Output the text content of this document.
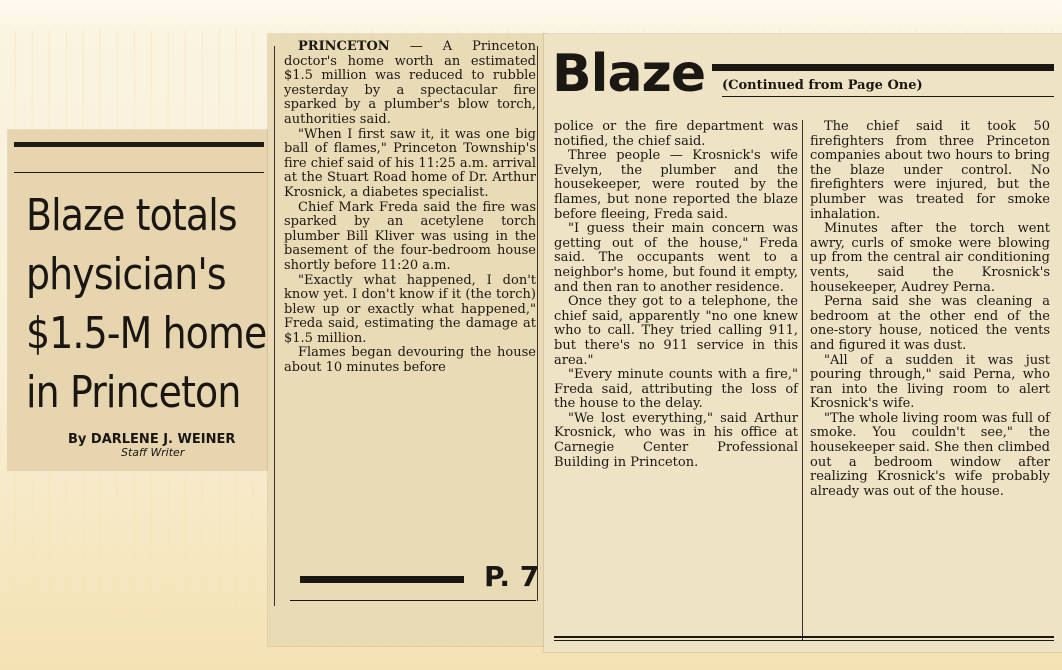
Blaze totals
physician's
$1.5-M home
in Princeton
By DARLENE J. WEINER
Staff Writer

PRINCETON — A Princeton doctor's home worth an estimated $1.5 million was reduced to rubble yesterday by a spectacular fire sparked by a plumber's blow torch, authorities said.

"When I first saw it, it was one big ball of flames," Princeton Township's fire chief said of his 11:25 a.m. arrival at the Stuart Road home of Dr. Arthur Krosnick, a diabetes specialist.

Chief Mark Freda said the fire was sparked by an acetylene torch plumber Bill Kliver was using in the basement of the four-bedroom house shortly before 11:20 a.m.

"Exactly what happened, I don't know yet. I don't know if it (the torch) blew up or exactly what happened," Freda said, estimating the damage at $1.5 million.

Flames began devouring the house about 10 minutes before

P. 7
Blaze (Continued from Page One)

police or the fire department was notified, the chief said.

Three people — Krosnick's wife Evelyn, the plumber and the housekeeper, were routed by the flames, but none reported the blaze before fleeing, Freda said.

"I guess their main concern was getting out of the house," Freda said. The occupants went to a neighbor's home, but found it empty, and then ran to another residence.

Once they got to a telephone, the chief said, apparently "no one knew who to call. They tried calling 911, but there's no 911 service in this area."

"Every minute counts with a fire," Freda said, attributing the loss of the house to the delay.

"We lost everything," said Arthur Krosnick, who was in his office at Carnegie Center Professional Building in Princeton.

The chief said it took 50 firefighters from three Princeton companies about two hours to bring the blaze under control. No firefighters were injured, but the plumber was treated for smoke inhalation.

Minutes after the torch went awry, curls of smoke were blowing up from the central air conditioning vents, said the Krosnick's housekeeper, Audrey Perna.

Perna said she was cleaning a bedroom at the other end of the one-story house, noticed the vents and figured it was dust.

"All of a sudden it was just pouring through," said Perna, who ran into the living room to alert Krosnick's wife.

"The whole living room was full of smoke. You couldn't see," the housekeeper said. She then climbed out a bedroom window after realizing Krosnick's wife probably already was out of the house.
